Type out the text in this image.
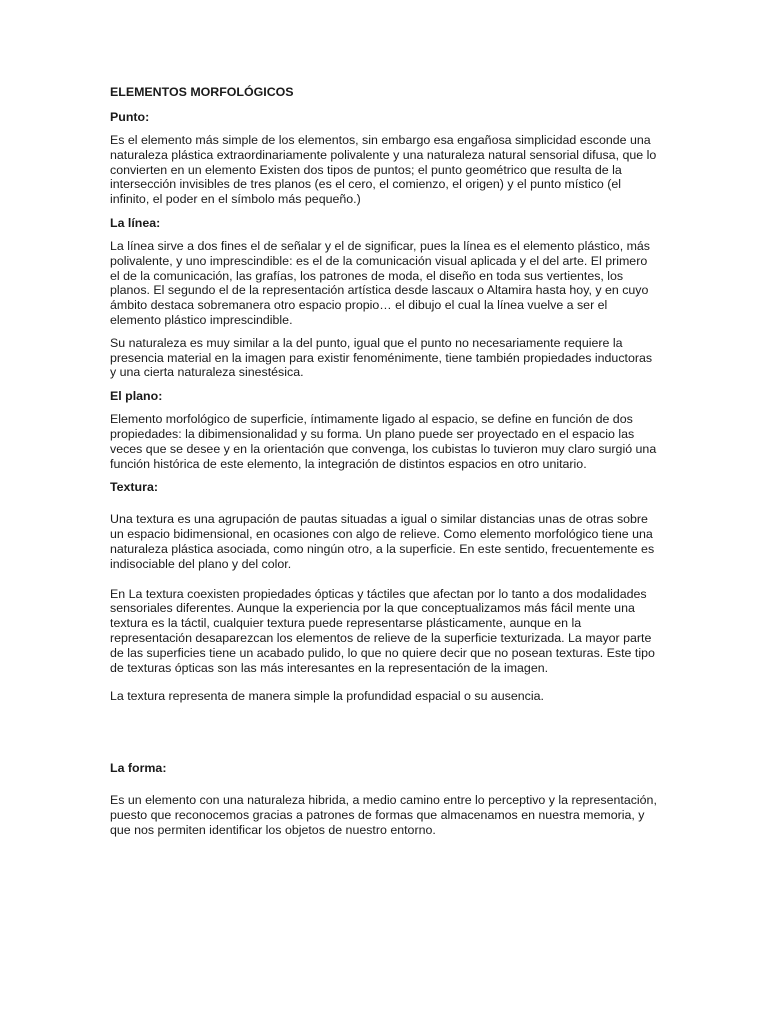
ELEMENTOS MORFOLÓGICOS
Punto:
Es el elemento más simple de los elementos, sin embargo esa engañosa simplicidad esconde una naturaleza plástica extraordinariamente polivalente y una naturaleza natural sensorial difusa, que lo convierten en un elemento Existen dos tipos de puntos; el punto geométrico que resulta de la intersección invisibles de tres planos (es el cero, el comienzo, el origen) y el punto místico (el infinito, el poder en el símbolo más pequeño.)
La línea:
La línea sirve a dos fines el de señalar y el de significar, pues la línea es el elemento plástico, más polivalente, y uno imprescindible: es el de la comunicación visual aplicada y el del arte. El primero el de la comunicación, las grafías, los patrones de moda, el diseño en toda sus vertientes, los planos. El segundo el de la representación artística desde lascaux o Altamira hasta hoy, y en cuyo ámbito destaca sobremanera otro espacio propio… el dibujo el cual la línea vuelve a ser el elemento plástico imprescindible.
Su naturaleza es muy similar a la del punto, igual que el punto no necesariamente requiere la presencia material en la imagen para existir fenoménimente, tiene también propiedades inductoras y una cierta naturaleza sinestésica.
El plano:
Elemento morfológico de superficie, íntimamente ligado al espacio, se define en función de dos propiedades: la dibimensionalidad y su forma. Un plano puede ser proyectado en el espacio las veces que se desee y en la orientación que convenga, los cubistas lo tuvieron muy claro surgió una función histórica de este elemento, la integración de distintos espacios en otro unitario.
Textura:
Una textura es una agrupación de pautas situadas a igual o similar distancias unas de otras sobre un espacio bidimensional, en ocasiones con algo de relieve. Como elemento morfológico tiene una naturaleza plástica asociada, como ningún otro, a la superficie. En este sentido, frecuentemente es indisociable del plano y del color.
En La textura coexisten propiedades ópticas y táctiles que afectan por lo tanto a dos modalidades sensoriales diferentes. Aunque la experiencia por la que conceptualizamos más fácil mente una textura es la táctil, cualquier textura puede representarse plásticamente, aunque en la representación desaparezcan los elementos de relieve de la superficie texturizada. La mayor parte de las superficies tiene un acabado pulido, lo que no quiere decir que no posean texturas. Este tipo de texturas ópticas son las más interesantes en la representación de la imagen.
La textura representa de manera simple la profundidad espacial o su ausencia.
La forma:
Es un elemento con una naturaleza hibrida, a medio camino entre lo perceptivo y la representación, puesto que reconocemos gracias a patrones de formas que almacenamos en nuestra memoria, y que nos permiten identificar los objetos de nuestro entorno.
